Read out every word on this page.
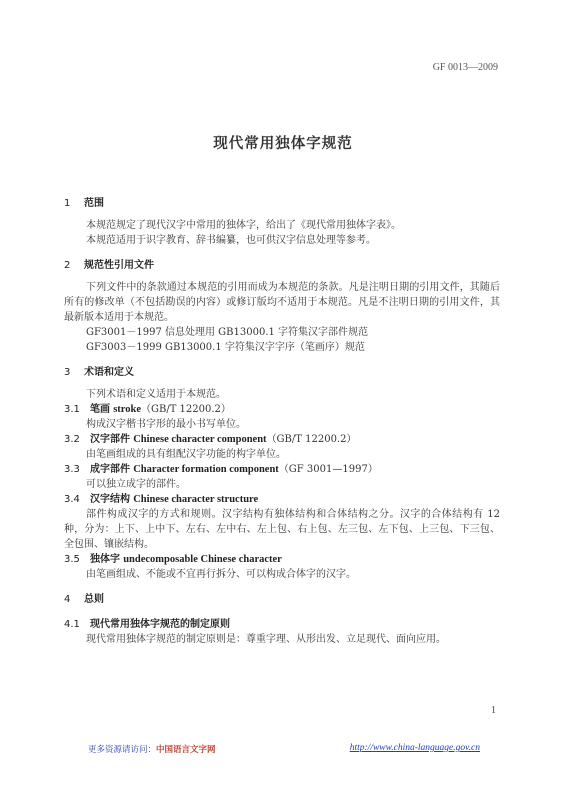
GF 0013—2009
现代常用独体字规范
1 范围

本规范规定了现代汉字中常用的独体字，给出了《现代常用独体字表》。

本规范适用于识字教育、辞书编纂，也可供汉字信息处理等参考。

2 规范性引用文件

下列文件中的条款通过本规范的引用而成为本规范的条款。凡是注明日期的引用文件，其随后所有的修改单（不包括勘误的内容）或修订版均不适用于本规范。凡是不注明日期的引用文件，其最新版本适用于本规范。

GF3001－1997 信息处理用 GB13000.1 字符集汉字部件规范

GF3003－1999 GB13000.1 字符集汉字字序（笔画序）规范

3 术语和定义

下列术语和定义适用于本规范。

3.1 笔画 stroke（GB/T 12200.2）

构成汉字楷书字形的最小书写单位。

3.2 汉字部件 Chinese character component（GB/T 12200.2）

由笔画组成的具有组配汉字功能的构字单位。

3.3 成字部件 Character formation component（GF 3001—1997）

可以独立成字的部件。

3.4 汉字结构 Chinese character structure

部件构成汉字的方式和规则。汉字结构有独体结构和合体结构之分。汉字的合体结构有 12 种，分为：上下、上中下、左右、左中右、左上包、右上包、左三包、左下包、上三包、下三包、全包围、镶嵌结构。

3.5 独体字 undecomposable Chinese character

由笔画组成、不能或不宜再行拆分、可以构成合体字的汉字。

4 总则
4.1 现代常用独体字规范的制定原则

现代常用独体字规范的制定原则是：尊重字理、从形出发、立足现代、面向应用。

1
更多资源请访问：中国语言文字网	http://www.china-language.gov.cn
